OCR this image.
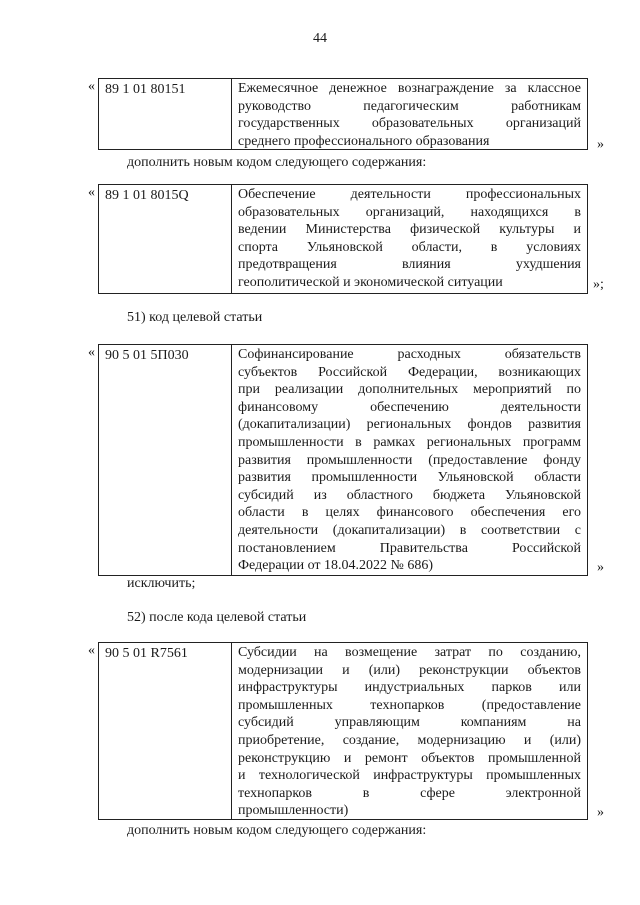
44
« 89 1 01 80151	Ежемесячное денежное вознаграждение за классное
руководство педагогическим работникам
государственных образовательных организаций
среднего профессионального образования	»
дополнить новым кодом следующего содержания:
« 89 1 01 8015Q	Обеспечение деятельности профессиональных
образовательных организаций, находящихся в
ведении Министерства физической культуры и
спорта Ульяновской области, в условиях
предотвращения влияния ухудшения
геополитической и экономической ситуации	»;
51) код целевой статьи
« 90 5 01 5П030	Софинансирование расходных обязательств
субъектов Российской Федерации, возникающих
при реализации дополнительных мероприятий по
финансовому обеспечению деятельности
(докапитализации) региональных фондов развития
промышленности в рамках региональных программ
развития промышленности (предоставление фонду
развития промышленности Ульяновской области
субсидий из областного бюджета Ульяновской
области в целях финансового обеспечения его
деятельности (докапитализации) в соответствии с
постановлением Правительства Российской
Федерации от 18.04.2022 № 686)	»
исключить;
52) после кода целевой статьи
« 90 5 01 R7561	Субсидии на возмещение затрат по созданию,
модернизации и (или) реконструкции объектов
инфраструктуры индустриальных парков или
промышленных технопарков (предоставление
субсидий управляющим компаниям на
приобретение, создание, модернизацию и (или)
реконструкцию и ремонт объектов промышленной
и технологической инфраструктуры промышленных
технопарков в сфере электронной
промышленности)	»
дополнить новым кодом следующего содержания:
